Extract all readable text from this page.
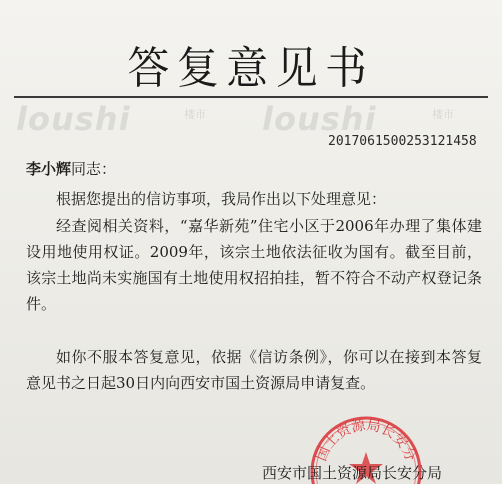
答复意见书
loushi	楼市 loushi	楼市
20170615002531214​58
李小辉同志：
根据您提出的信访事项，我局作出以下处理意见：
经查阅相关资料，“嘉华新苑”住宅小区于2006年办理了集体建设用地使用权证。2009年，该宗土地依法征收为国有。截至目前，该宗土地尚未实施国有土地使用权招拍挂，暂不符合不动产权登记条件。
如你不服本答复意见，依据《信访条例》，你可以在接到本答复意见书之日起30日内向西安市国土资源局申请复查。
国土资源局长安分
西安市国土资源局长安分局
